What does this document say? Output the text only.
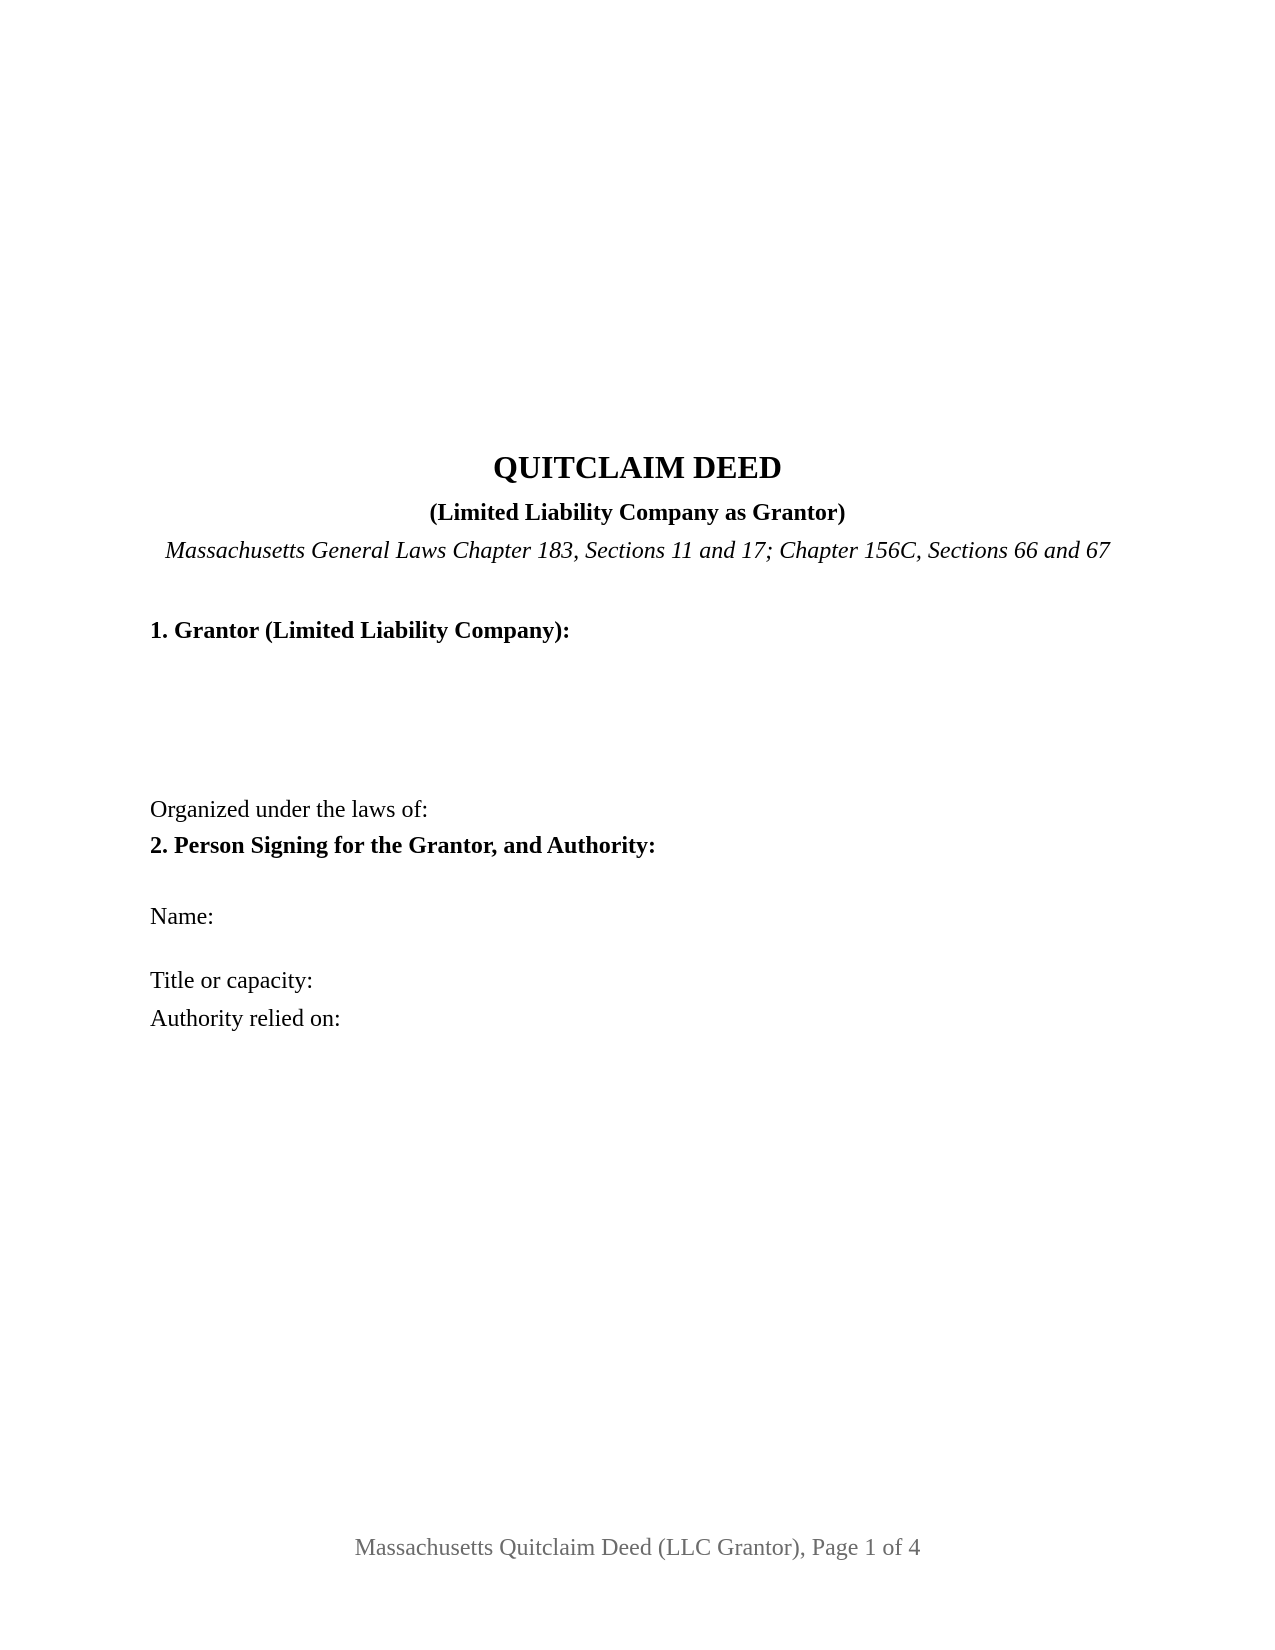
QUITCLAIM DEED
(Limited Liability Company as Grantor)
Massachusetts General Laws Chapter 183, Sections 11 and 17; Chapter 156C, Sections 66 and 67
1. Grantor (Limited Liability Company):
Organized under the laws of:
2. Person Signing for the Grantor, and Authority:
Name:
Title or capacity:
Authority relied on:
Massachusetts Quitclaim Deed (LLC Grantor), Page 1 of 4
